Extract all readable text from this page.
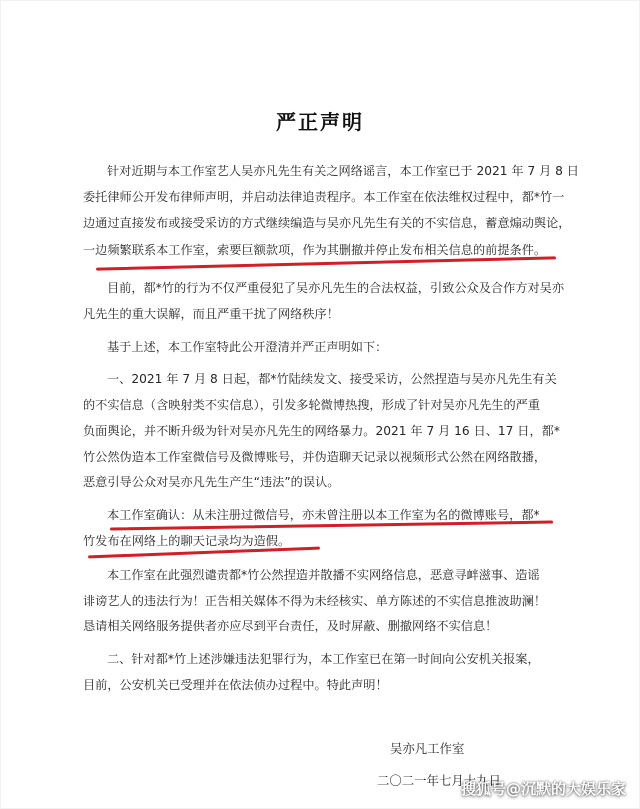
严正声明
针对近期与本工作室艺人吴亦凡先生有关之网络谣言，本工作室已于 2021 年 7 月 8 日
委托律师公开发布律师声明，并启动法律追责程序。本工作室在依法维权过程中，都*竹一
边通过直接发布或接受采访的方式继续编造与吴亦凡先生有关的不实信息，蓄意煽动舆论，
一边频繁联系本工作室，索要巨额款项，作为其删撤并停止发布相关信息的前提条件。
目前，都*竹的行为不仅严重侵犯了吴亦凡先生的合法权益，引致公众及合作方对吴亦
凡先生的重大误解，而且严重干扰了网络秩序！
基于上述，本工作室特此公开澄清并严正声明如下：
一、2021 年 7 月 8 日起，都*竹陆续发文、接受采访，公然捏造与吴亦凡先生有关
的不实信息（含映射类不实信息），引发多轮微博热搜，形成了针对吴亦凡先生的严重
负面舆论，并不断升级为针对吴亦凡先生的网络暴力。2021 年 7 月 16 日、17 日，都*
竹公然伪造本工作室微信号及微博账号，并伪造聊天记录以视频形式公然在网络散播，
恶意引导公众对吴亦凡先生产生“违法”的误认。
本工作室确认：从未注册过微信号，亦未曾注册以本工作室为名的微博账号，都*
竹发布在网络上的聊天记录均为造假。
本工作室在此强烈谴责都*竹公然捏造并散播不实网络信息，恶意寻衅滋事、造谣
诽谤艺人的违法行为！正告相关媒体不得为未经核实、单方陈述的不实信息推波助澜！
恳请相关网络服务提供者亦应尽到平台责任，及时屏蔽、删撤网络不实信息！
二、针对都*竹上述涉嫌违法犯罪行为，本工作室已在第一时间向公安机关报案，
目前，公安机关已受理并在依法侦办过程中。特此声明！
吴亦凡工作室
二〇二一年七月十九日
搜狐号@沉默的大娱乐家
